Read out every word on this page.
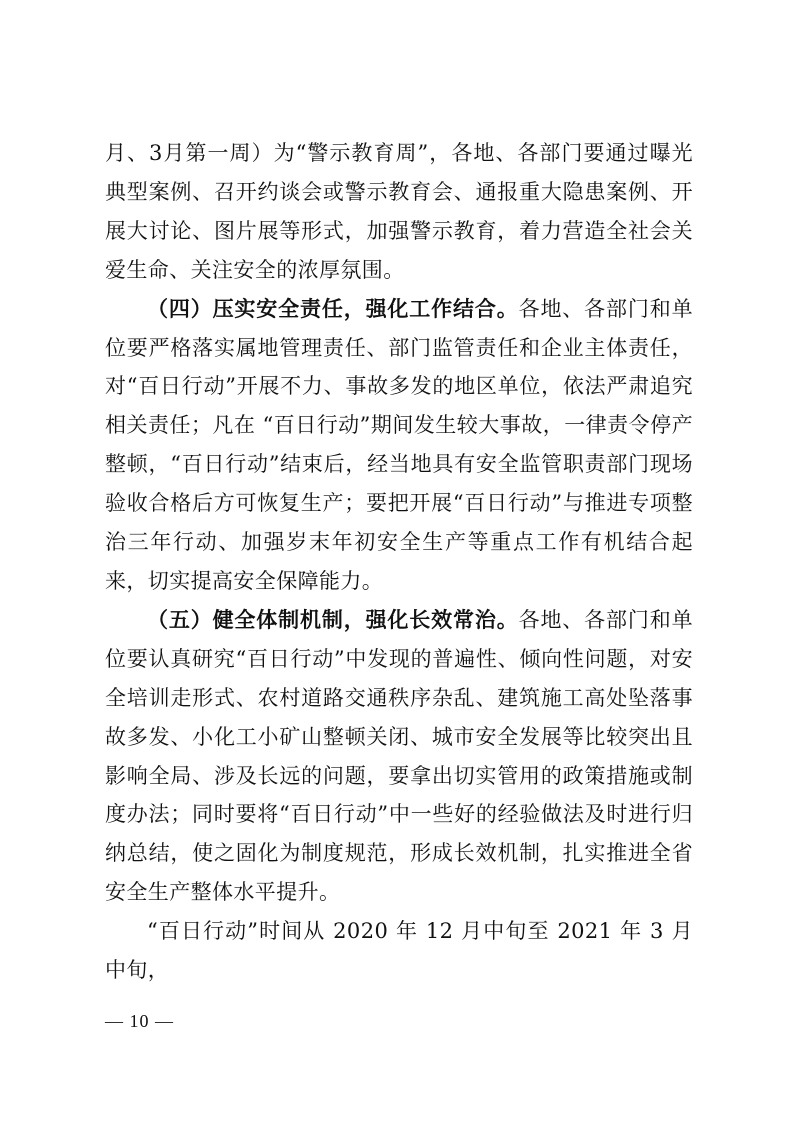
月、3月第一周）为“警示教育周”，各地、各部门要通过曝光典型案例、召开约谈会或警示教育会、通报重大隐患案例、开展大讨论、图片展等形式，加强警示教育，着力营造全社会关爱生命、关注安全的浓厚氛围。

（四）压实安全责任，强化工作结合。各地、各部门和单位要严格落实属地管理责任、部门监管责任和企业主体责任，对“百日行动”开展不力、事故多发的地区单位，依法严肃追究相关责任；凡在 “百日行动”期间发生较大事故，一律责令停产整顿，“百日行动”结束后，经当地具有安全监管职责部门现场验收合格后方可恢复生产；要把开展“百日行动”与推进专项整治三年行动、加强岁末年初安全生产等重点工作有机结合起来，切实提高安全保障能力。

（五）健全体制机制，强化长效常治。各地、各部门和单位要认真研究“百日行动”中发现的普遍性、倾向性问题，对安全培训走形式、农村道路交通秩序杂乱、建筑施工高处坠落事故多发、小化工小矿山整顿关闭、城市安全发展等比较突出且影响全局、涉及长远的问题，要拿出切实管用的政策措施或制度办法；同时要将“百日行动”中一些好的经验做法及时进行归纳总结，使之固化为制度规范，形成长效机制，扎实推进全省安全生产整体水平提升。

“百日行动”时间从 2020 年 12 月中旬至 2021 年 3 月中旬，

— 10 —
